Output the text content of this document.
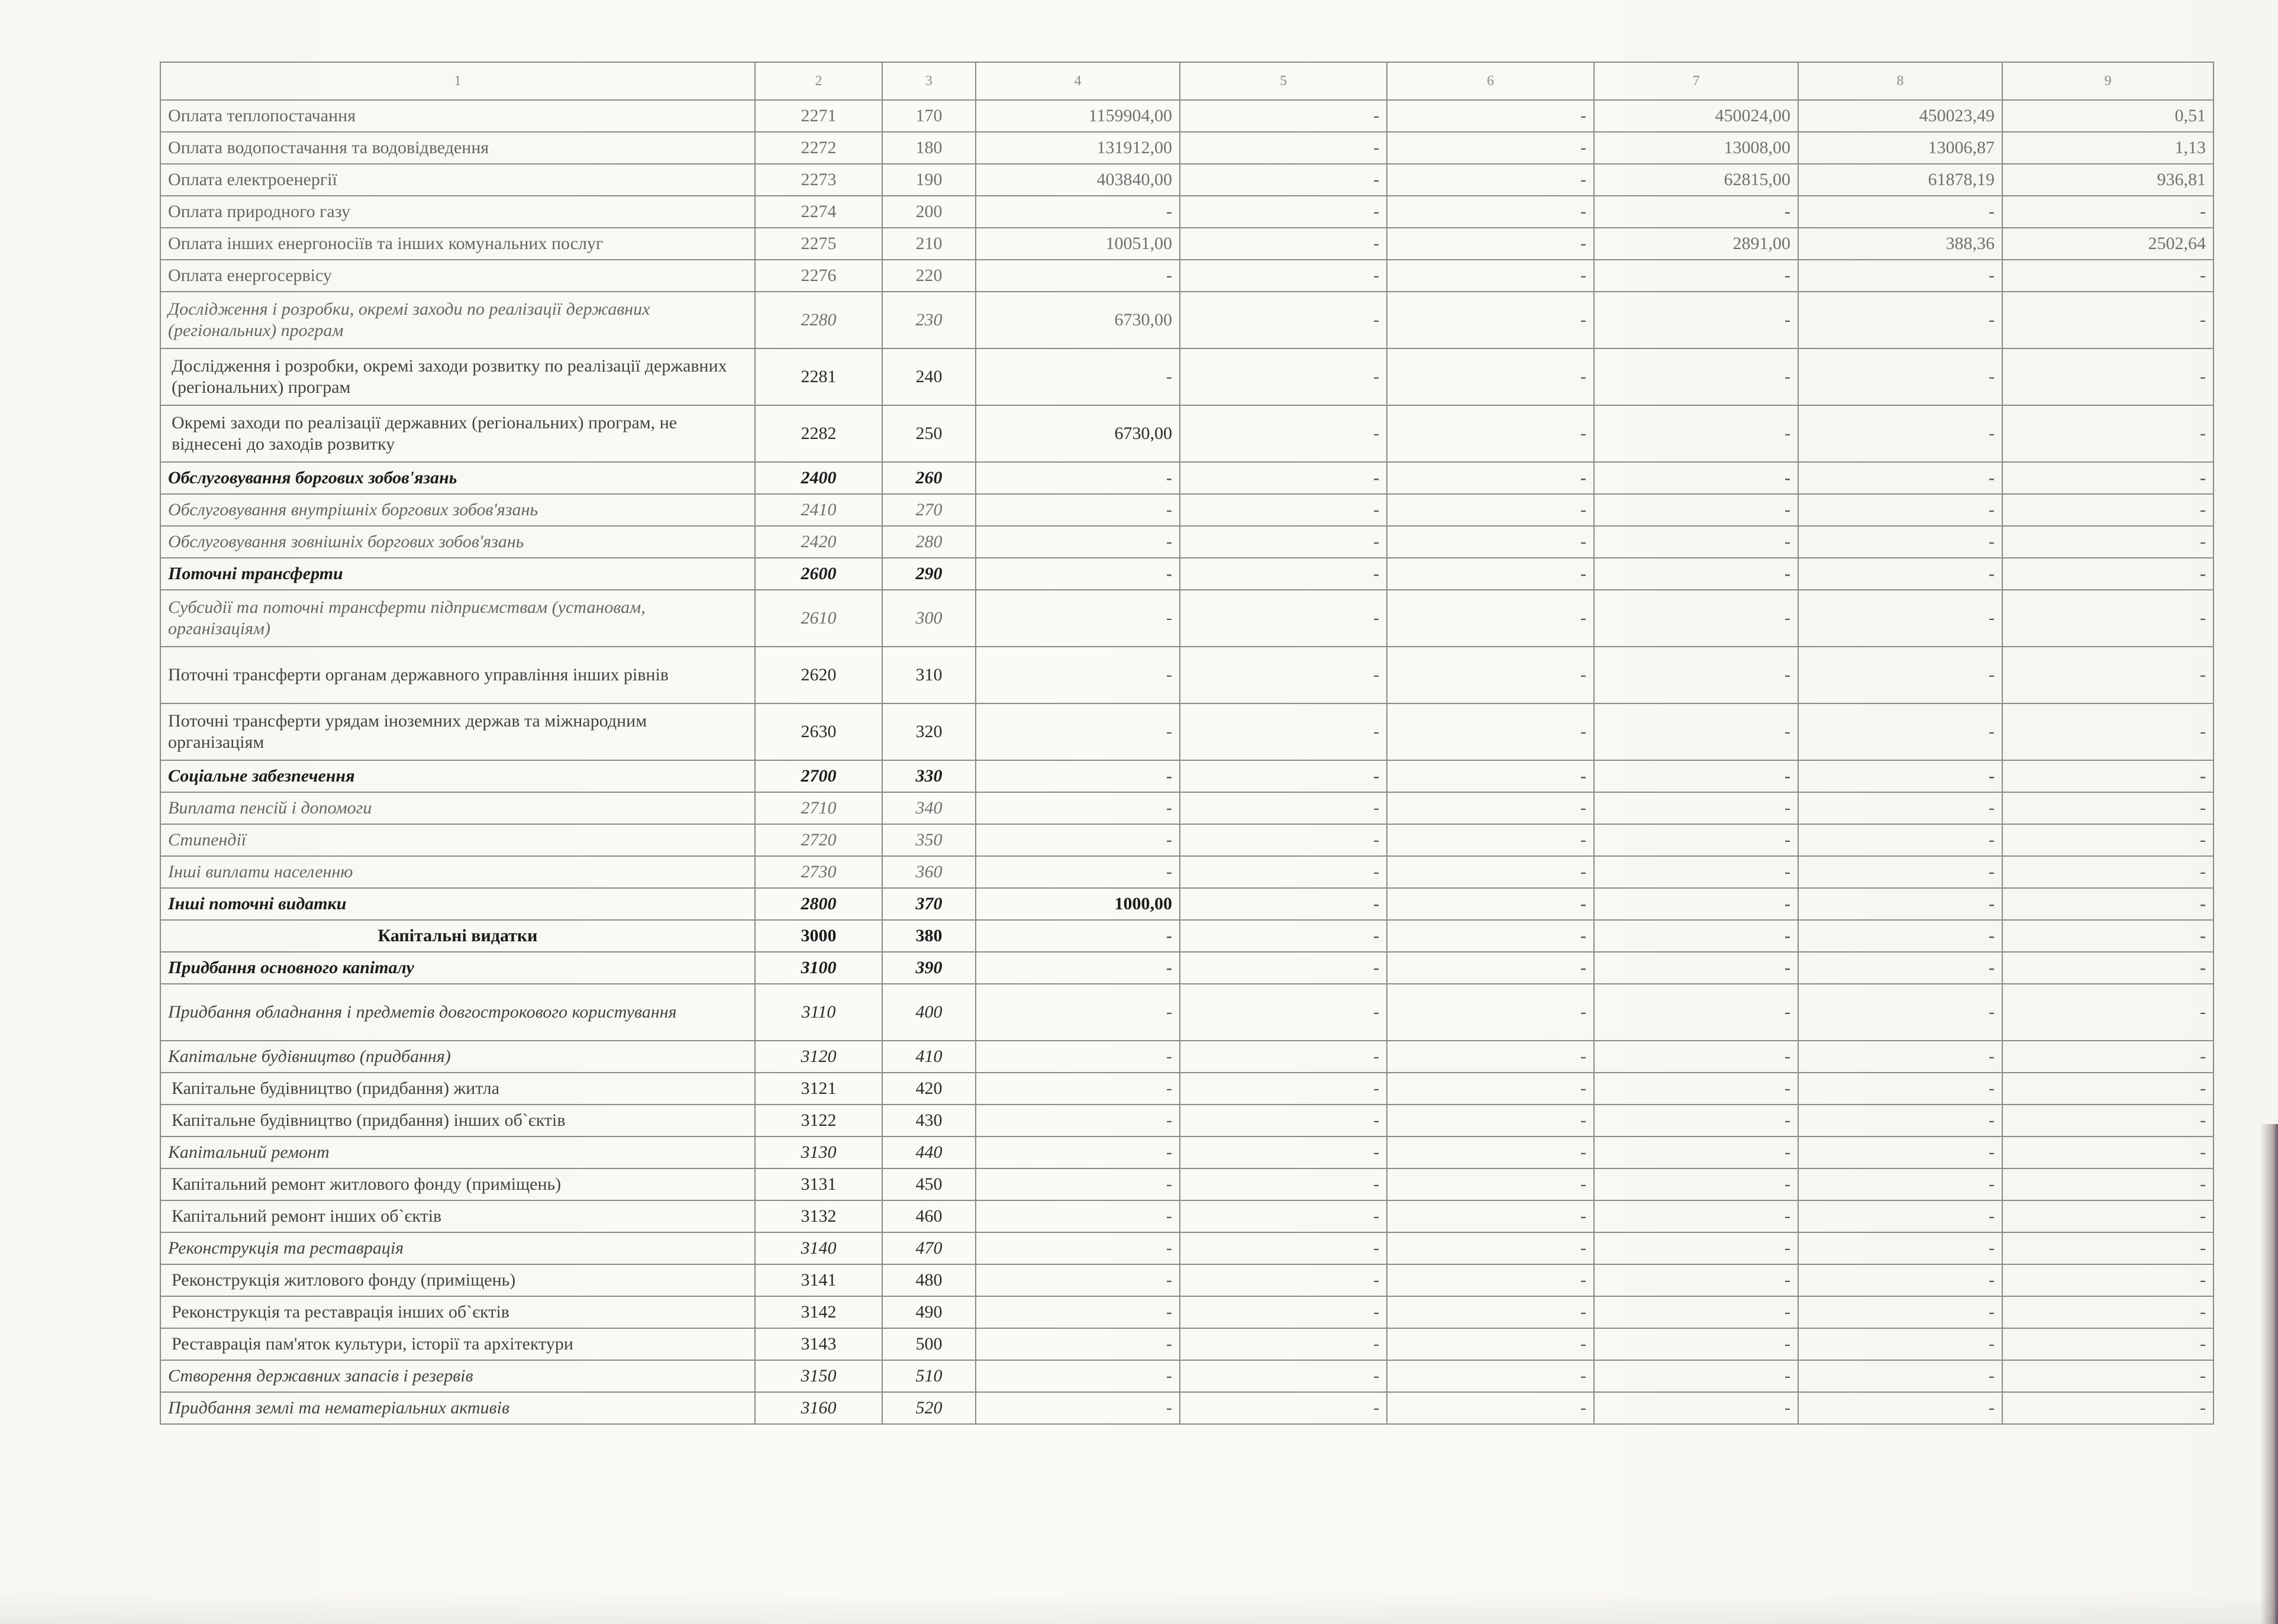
1	2	3	4	5	6	7	8	9
Оплата теплопостачання	2271	170	1159904,00	-	-	450024,00	450023,49	0,51
Оплата водопостачання та водовідведення	2272	180	131912,00	-	-	13008,00	13006,87	1,13
Оплата електроенергії	2273	190	403840,00	-	-	62815,00	61878,19	936,81
Оплата природного газу	2274	200	-	-	-	-	-	-
Оплата інших енергоносіїв та інших комунальних послуг	2275	210	10051,00	-	-	2891,00	388,36	2502,64
Оплата енергосервісу	2276	220	-	-	-	-	-	-
Дослідження і розробки, окремі заходи по реалізації державних (регіональних) програм	2280	230	6730,00	-	-	-	-	-
Дослідження і розробки, окремі заходи розвитку по реалізації державних (регіональних) програм	2281	240	-	-	-	-	-	-
Окремі заходи по реалізації державних (регіональних) програм, не віднесені до заходів розвитку	2282	250	6730,00	-	-	-	-	-
Обслуговування боргових зобов'язань	2400	260	-	-	-	-	-	-
Обслуговування внутрішніх боргових зобов'язань	2410	270	-	-	-	-	-	-
Обслуговування зовнішніх боргових зобов'язань	2420	280	-	-	-	-	-	-
Поточні трансферти	2600	290	-	-	-	-	-	-
Субсидії та поточні трансферти підприємствам (установам, організаціям)	2610	300	-	-	-	-	-	-
Поточні трансферти органам державного управління інших рівнів	2620	310	-	-	-	-	-	-
Поточні трансферти урядам іноземних держав та міжнародним організаціям	2630	320	-	-	-	-	-	-
Соціальне забезпечення	2700	330	-	-	-	-	-	-
Виплата пенсій і допомоги	2710	340	-	-	-	-	-	-
Стипендії	2720	350	-	-	-	-	-	-
Інші виплати населенню	2730	360	-	-	-	-	-	-
Інші поточні видатки	2800	370	1000,00	-	-	-	-	-
Капітальні видатки	3000	380	-	-	-	-	-	-
Придбання основного капіталу	3100	390	-	-	-	-	-	-
Придбання обладнання і предметів довгострокового користування	3110	400	-	-	-	-	-	-
Капітальне будівництво (придбання)	3120	410	-	-	-	-	-	-
Капітальне будівництво (придбання) житла	3121	420	-	-	-	-	-	-
Капітальне будівництво (придбання) інших об`єктів	3122	430	-	-	-	-	-	-
Капітальний ремонт	3130	440	-	-	-	-	-	-
Капітальний ремонт житлового фонду (приміщень)	3131	450	-	-	-	-	-	-
Капітальний ремонт інших об`єктів	3132	460	-	-	-	-	-	-
Реконструкція та реставрація	3140	470	-	-	-	-	-	-
Реконструкція житлового фонду (приміщень)	3141	480	-	-	-	-	-	-
Реконструкція та реставрація інших об`єктів	3142	490	-	-	-	-	-	-
Реставрація пам'яток культури, історії та архітектури	3143	500	-	-	-	-	-	-
Створення державних запасів і резервів	3150	510	-	-	-	-	-	-
Придбання землі та нематеріальних активів	3160	520	-	-	-	-	-	-
